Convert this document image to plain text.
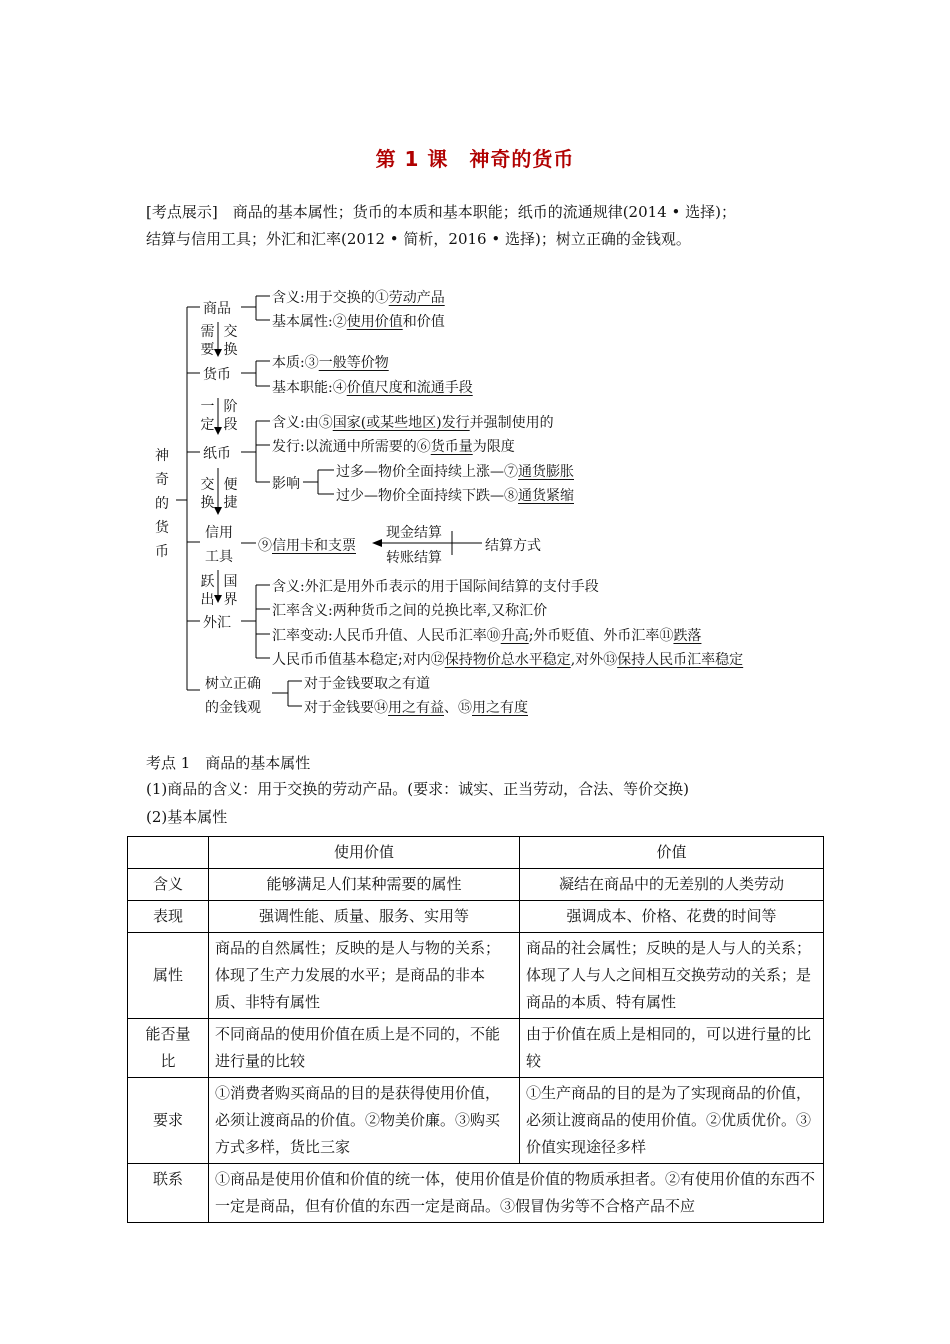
第 1 课　神奇的货币
[考点展示]　商品的基本属性；货币的本质和基本职能；纸币的流通规律(2014 • 选择)；
结算与信用工具；外汇和汇率(2012 • 简析，2016 • 选择)；树立正确的金钱观。
神奇的货币
商品
含义:用于交换的①劳动产品
基本属性:②使用价值和价值
需要
交换
货币
本质:③一般等价物
基本职能:④价值尺度和流通手段
一定
阶段
纸币
含义:由⑤国家(或某些地区)发行并强制使用的
发行:以流通中所需要的⑥货币量为限度
影响
过多—物价全面持续上涨—⑦通货膨胀
过少—物价全面持续下跌—⑧通货紧缩
交换
便捷
信用
工具
⑨信用卡和支票
现金结算
转账结算
结算方式
跃出
国界
外汇
含义:外汇是用外币表示的用于国际间结算的支付手段
汇率含义:两种货币之间的兑换比率,又称汇价
汇率变动:人民币升值、人民币汇率⑩升高;外币贬值、外币汇率⑪跌落
人民币币值基本稳定;对内⑫保持物价总水平稳定,对外⑬保持人民币汇率稳定
树立正确
的金钱观
对于金钱要取之有道
对于金钱要⑭用之有益、⑮用之有度
考点 1　商品的基本属性
(1)商品的含义：用于交换的劳动产品。(要求：诚实、正当劳动，合法、等价交换)
(2)基本属性
	使用价值	价值
含义	能够满足人们某种需要的属性	凝结在商品中的无差别的人类劳动
表现	强调性能、质量、服务、实用等	强调成本、价格、花费的时间等
属性	商品的自然属性；反映的是人与物的关系；体现了生产力发展的水平；是商品的非本质、非特有属性	商品的社会属性；反映的是人与人的关系；体现了人与人之间相互交换劳动的关系；是商品的本质、特有属性
能否量比	不同商品的使用价值在质上是不同的，不能进行量的比较	由于价值在质上是相同的，可以进行量的比较
要求	①消费者购买商品的目的是获得使用价值，必须让渡商品的价值。②物美价廉。③购买方式多样，货比三家	①生产商品的目的是为了实现商品的价值，必须让渡商品的使用价值。②优质优价。③价值实现途径多样
联系	①商品是使用价值和价值的统一体，使用价值是价值的物质承担者。②有使用价值的东西不一定是商品，但有价值的东西一定是商品。③假冒伪劣等不合格产品不应	
